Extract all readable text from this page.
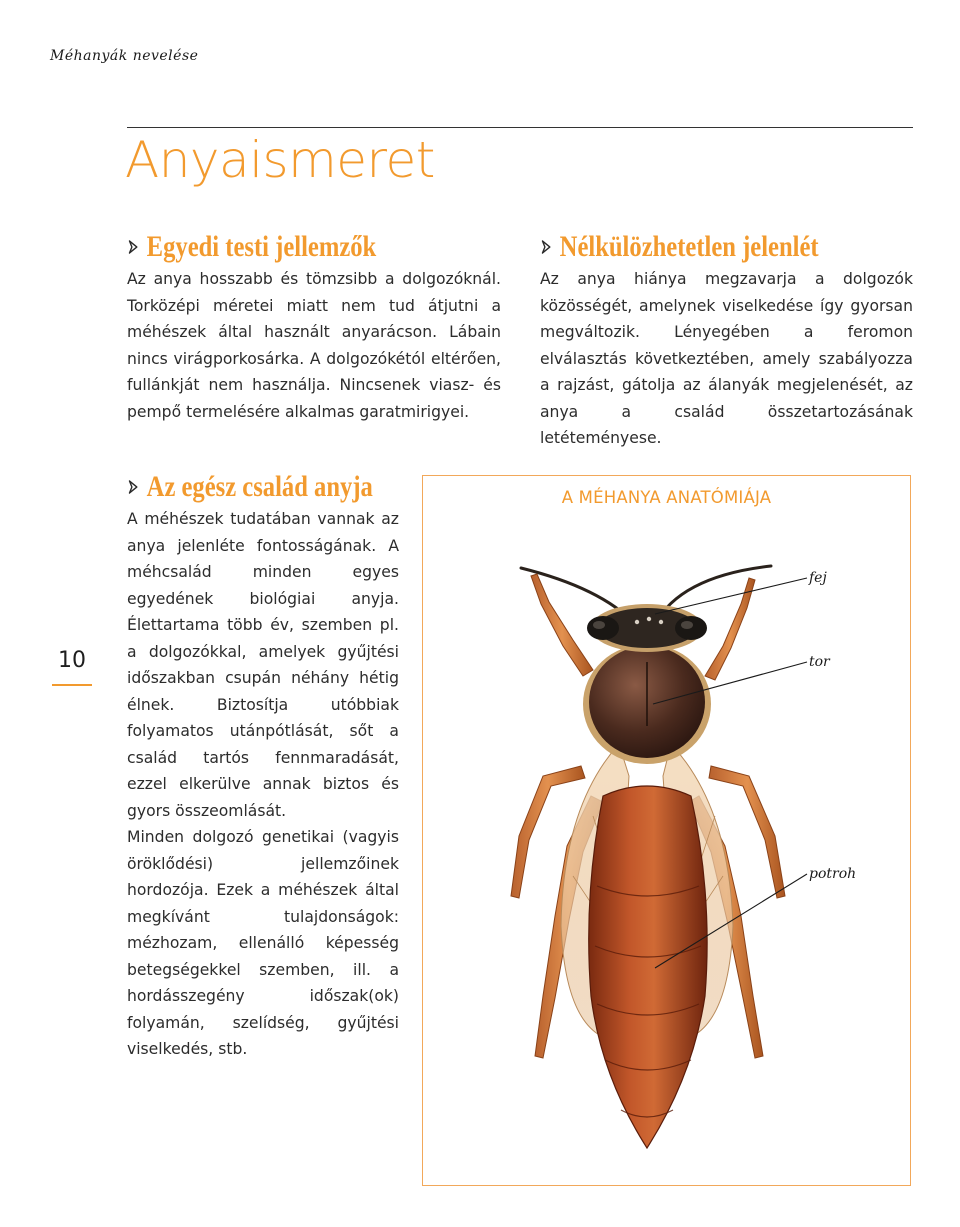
Méhanyák nevelése
Anyaismeret
Egyedi testi jellemzők

Az anya hosszabb és tömzsibb a dolgozóknál. Torközépi méretei miatt nem tud átjutni a méhészek által használt anyarácson. Lábain nincs virágporkosárka. A dolgozókétól eltérően, fullánkját nem használja. Nincsenek viasz- és pempő termelésére alkalmas garatmirigyei.

Nélkülözhetetlen jelenlét

Az anya hiánya megzavarja a dolgozók közösségét, amelynek viselkedése így gyorsan megváltozik. Lényegében a feromon elválasztás következtében, amely szabályozza a rajzást, gátolja az álanyák megjelenését, az anya a család összetartozásának letéteményese.

Az egész család anyja

A méhészek tudatában vannak az anya jelenléte fontosságának. A méhcsalád minden egyes egyedének biológiai anyja. Élettartama több év, szemben pl. a dolgozókkal, amelyek gyűjtési időszakban csupán néhány hétig élnek. Biztosítja utóbbiak folyamatos utánpótlását, sőt a család tartós fennmaradását, ezzel elkerülve annak biztos és gyors összeomlását.

Minden dolgozó genetikai (vagyis öröklődési) jellemzőinek hordozója. Ezek a méhészek által megkívánt tulajdonságok: mézhozam, ellenálló képesség betegségekkel szemben, ill. a hordásszegény időszak(ok) folyamán, szelídség, gyűjtési viselkedés, stb.

10
A MÉHANYA ANATÓMIÁJA
fej
tor
potroh
